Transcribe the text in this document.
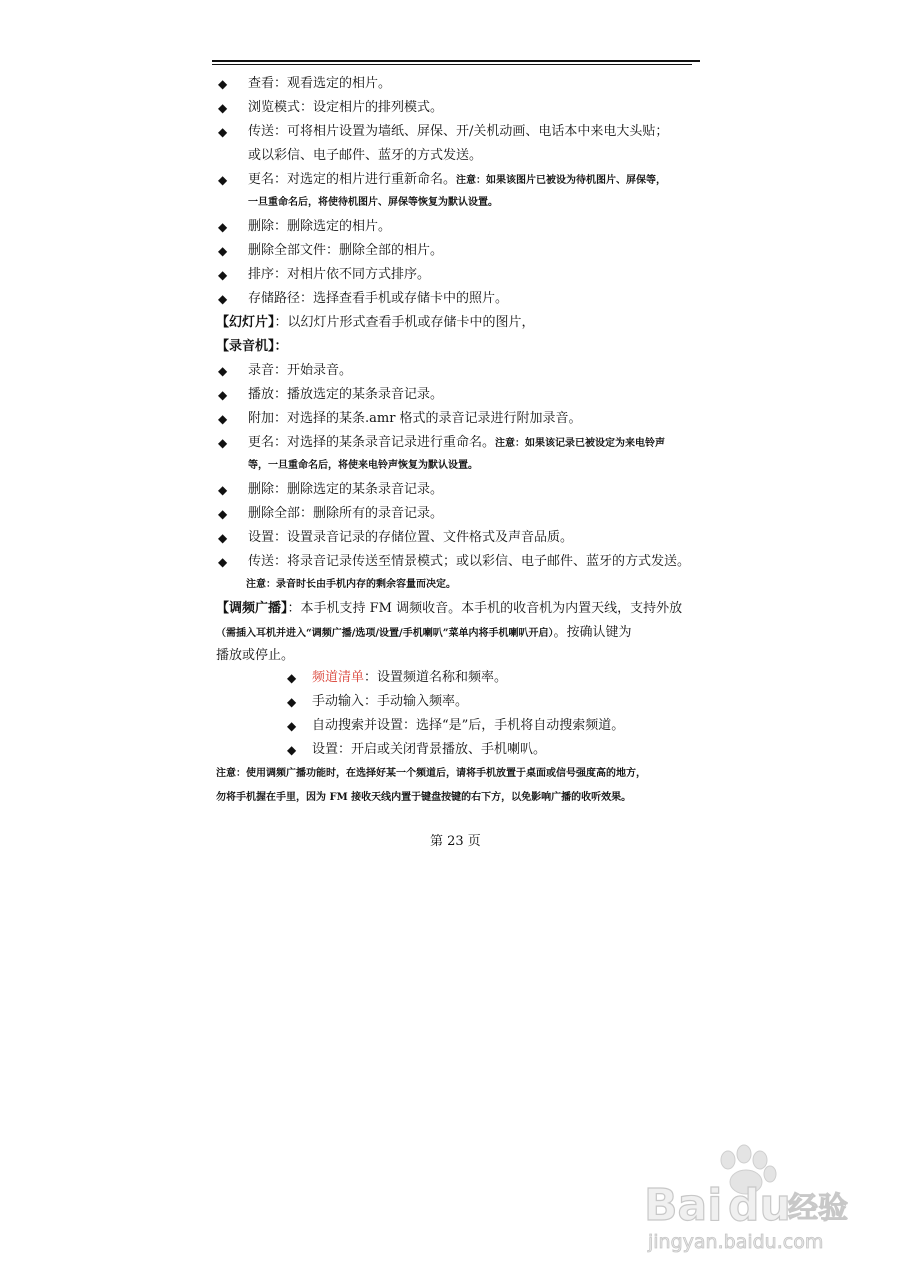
◆ 查看：观看选定的相片。
◆ 浏览模式：设定相片的排列模式。
◆ 传送：可将相片设置为墙纸、屏保、开/关机动画、电话本中来电大头贴；
或以彩信、电子邮件、蓝牙的方式发送。
◆ 更名：对选定的相片进行重新命名。注意：如果该图片已被设为待机图片、屏保等，
一旦重命名后，将使待机图片、屏保等恢复为默认设置。
◆ 删除：删除选定的相片。
◆ 删除全部文件：删除全部的相片。
◆ 排序：对相片依不同方式排序。
◆ 存储路径：选择查看手机或存储卡中的照片。
【幻灯片】：以幻灯片形式查看手机或存储卡中的图片，
【录音机】：
◆ 录音：开始录音。
◆ 播放：播放选定的某条录音记录。
◆ 附加：对选择的某条.amr 格式的录音记录进行附加录音。
◆ 更名：对选择的某条录音记录进行重命名。注意：如果该记录已被设定为来电铃声
等，一旦重命名后，将使来电铃声恢复为默认设置。
◆ 删除：删除选定的某条录音记录。
◆ 删除全部：删除所有的录音记录。
◆ 设置：设置录音记录的存储位置、文件格式及声音品质。
◆ 传送：将录音记录传送至情景模式；或以彩信、电子邮件、蓝牙的方式发送。
注意：录音时长由手机内存的剩余容量而决定。
【调频广播】：本手机支持 FM 调频收音。本手机的收音机为内置天线，支持外放
（需插入耳机并进入“调频广播/选项/设置/手机喇叭”菜单内将手机喇叭开启）。按确认键为
播放或停止。
◆ 频道清单：设置频道名称和频率。
◆ 手动输入：手动输入频率。
◆ 自动搜索并设置：选择“是”后，手机将自动搜索频道。
◆ 设置：开启或关闭背景播放、手机喇叭。
注意：使用调频广播功能时，在选择好某一个频道后，请将手机放置于桌面或信号强度高的地方，
勿将手机握在手里，因为 FM 接收天线内置于键盘按键的右下方，以免影响广播的收听效果。
第 23 页
Bai du
经验
jingyan.baidu.com
